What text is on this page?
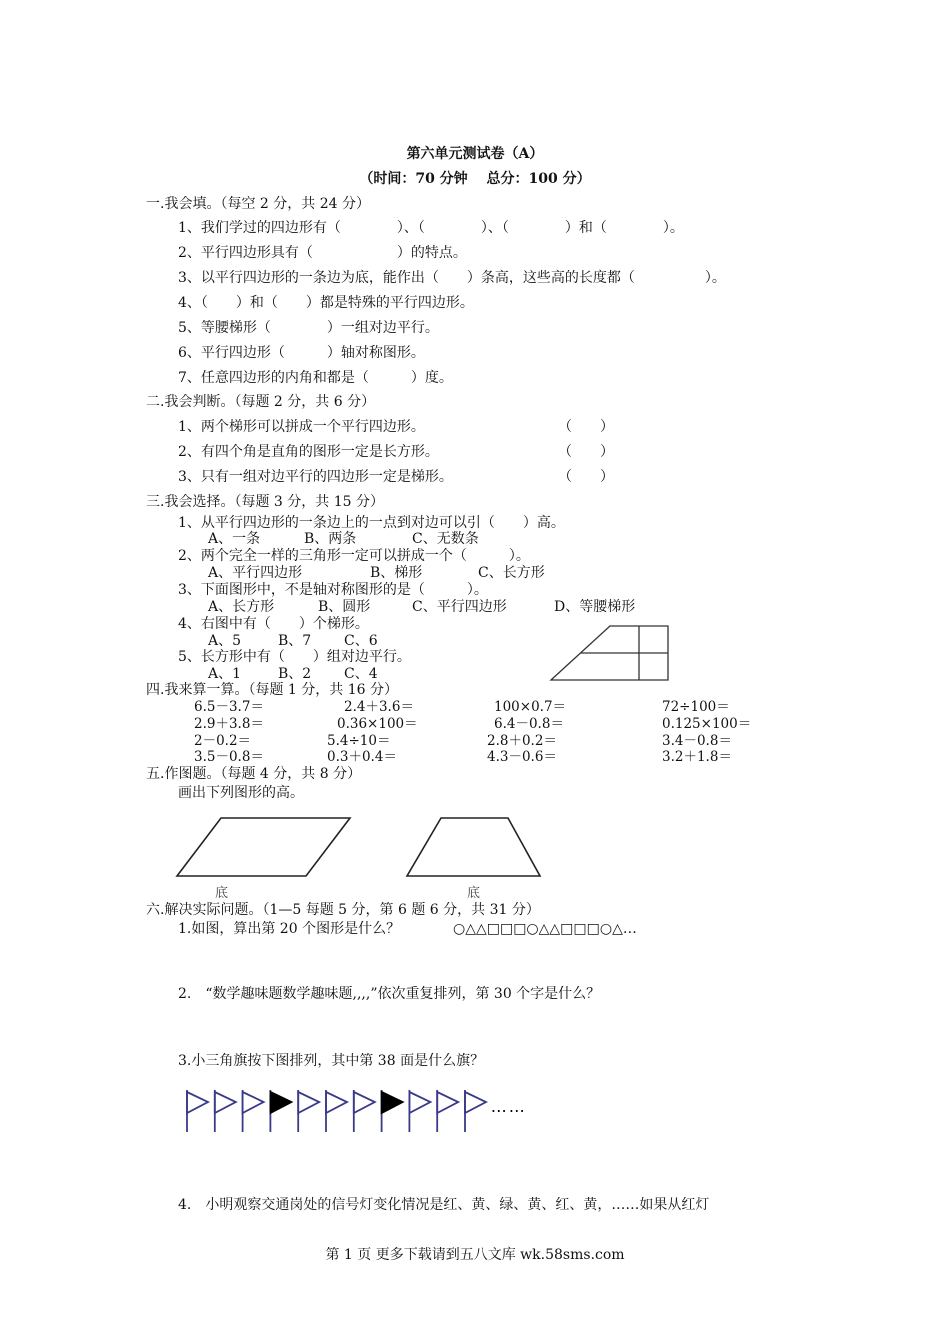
第六单元测试卷（A）
（时间：70 分钟　 总分：100 分）
一.我会填。（每空 2 分，共 24 分）
1、我们学过的四边形有（　　　　）、（　　　　）、（　　　　）和（　　　　）。
2、平行四边形具有（　　　　　　）的特点。
3、以平行四边形的一条边为底，能作出（　　）条高，这些高的长度都（　　　　　）。
4、（　　）和（　　）都是特殊的平行四边形。
5、等腰梯形（　　　　）一组对边平行。
6、平行四边形（　　　）轴对称图形。
7、任意四边形的内角和都是（　　　）度。
二.我会判断。（每题 2 分，共 6 分）
1、两个梯形可以拼成一个平行四边形。	（　　）
2、有四个角是直角的图形一定是长方形。	（　　）
3、只有一组对边平行的四边形一定是梯形。	（　　）
三.我会选择。（每题 3 分，共 15 分）
1、从平行四边形的一条边上的一点到对边可以引（　　）高。
A、一条	B、两条	C、无数条
2、两个完全一样的三角形一定可以拼成一个（　　　）。
A、平行四边形	B、梯形	C、长方形
3、下面图形中，不是轴对称图形的是（　　　）。
A、长方形	B、圆形	C、平行四边形	D、等腰梯形
4、右图中有（　　）个梯形。
A、5	B、7 C、6
5、长方形中有（　　）组对边平行。
A、1	B、2 C、4
四.我来算一算。（每题 1 分，共 16 分）
6.5－3.7＝	2.4＋3.6＝	100×0.7＝	72÷100＝
2.9＋3.8＝	0.36×100＝	6.4－0.8＝	0.125×100＝
2－0.2＝	5.4÷10＝	2.8＋0.2＝	3.4－0.8＝
3.5－0.8＝	0.3＋0.4＝	4.3－0.6＝	3.2＋1.8＝
五.作图题。（每题 4 分，共 8 分）
画出下列图形的高。
底	底
六.解决实际问题。（1—5 每题 5 分，第 6 题 6 分，共 31 分）
1.如图，算出第 20 个图形是什么？	○△△□□□○△△□□□○△…
2.　“数学趣味题数学趣味题,,,,”依次重复排列，第 30 个字是什么？
3.小三角旗按下图排列，其中第 38 面是什么旗？
……
4.　小明观察交通岗处的信号灯变化情况是红、黄、绿、黄、红、黄，……如果从红灯
第 1 页 更多下载请到五八文库 wk.58sms.com
